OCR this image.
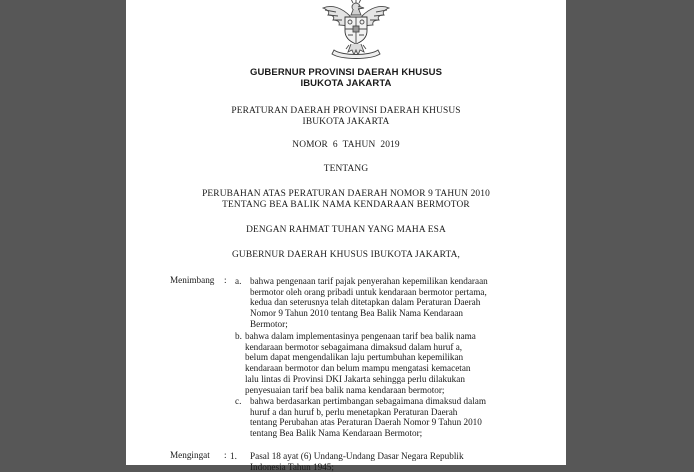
GUBERNUR PROVINSI DAERAH KHUSUS
IBUKOTA JAKARTA
PERATURAN DAERAH PROVINSI DAERAH KHUSUS
IBUKOTA JAKARTA
NOMOR  6  TAHUN  2019
TENTANG
PERUBAHAN ATAS PERATURAN DAERAH NOMOR 9 TAHUN 2010
TENTANG BEA BALIK NAMA KENDARAAN BERMOTOR
DENGAN RAHMAT TUHAN YANG MAHA ESA
GUBERNUR DAERAH KHUSUS IBUKOTA JAKARTA,
Menimbang : a. bahwa pengenaan tarif pajak penyerahan kepemilikan kendaraan
bermotor oleh orang pribadi untuk kendaraan bermotor pertama,
kedua dan seterusnya telah ditetapkan dalam Peraturan Daerah
Nomor 9 Tahun 2010 tentang Bea Balik Nama Kendaraan
Bermotor;
b. bahwa dalam implementasinya pengenaan tarif bea balik nama
kendaraan bermotor sebagaimana dimaksud dalam huruf a,
belum dapat mengendalikan laju pertumbuhan kepemilikan
kendaraan bermotor dan belum mampu mengatasi kemacetan
lalu lintas di Provinsi DKI Jakarta sehingga perlu dilakukan
penyesuaian tarif bea balik nama kendaraan bermotor;
c. bahwa berdasarkan pertimbangan sebagaimana dimaksud dalam
huruf a dan huruf b, perlu menetapkan Peraturan Daerah
tentang Perubahan atas Peraturan Daerah Nomor 9 Tahun 2010
tentang Bea Balik Nama Kendaraan Bermotor;
Mengingat : 1. Pasal 18 ayat (6) Undang-Undang Dasar Negara Republik
Indonesia Tahun 1945;
